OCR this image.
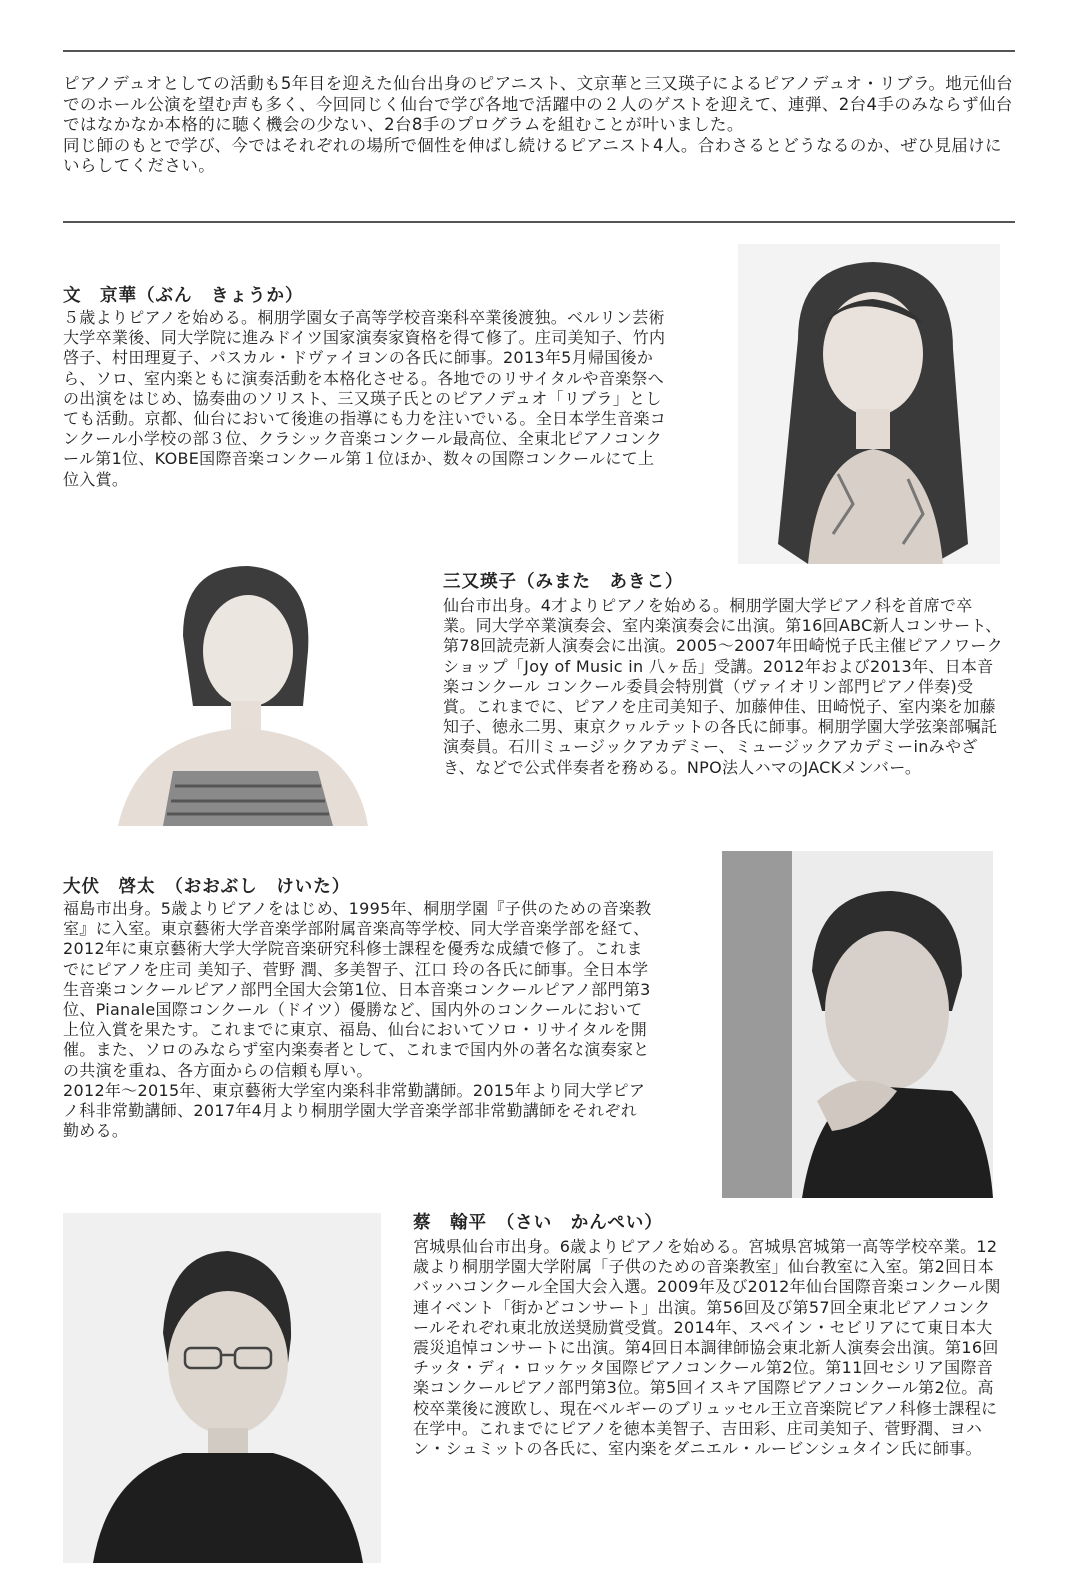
ピアノデュオとしての活動も5年目を迎えた仙台出身のピアニスト、文京華と三又瑛子によるピアノデュオ・リブラ。地元仙台でのホール公演を望む声も多く、今回同じく仙台で学び各地で活躍中の２人のゲストを迎えて、連弾、2台4手のみならず仙台ではなかなか本格的に聴く機会の少ない、2台8手のプログラムを組むことが叶いました。

同じ師のもとで学び、今ではそれぞれの場所で個性を伸ばし続けるピアニスト4人。合わさるとどうなるのか、ぜひ見届けにいらしてください。

文　京華（ぶん　きょうか）
５歳よりピアノを始める。桐朋学園女子高等学校音楽科卒業後渡独。ベルリン芸術大学卒業後、同大学院に進みドイツ国家演奏家資格を得て修了。庄司美知子、竹内啓子、村田理夏子、パスカル・ドヴァイヨンの各氏に師事。2013年5月帰国後から、ソロ、室内楽ともに演奏活動を本格化させる。各地でのリサイタルや音楽祭への出演をはじめ、協奏曲のソリスト、三又瑛子氏とのピアノデュオ「リブラ」としても活動。京都、仙台において後進の指導にも力を注いでいる。全日本学生音楽コンクール小学校の部３位、クラシック音楽コンクール最高位、全東北ピアノコンクール第1位、KOBE国際音楽コンクール第１位ほか、数々の国際コンクールにて上位入賞。
三又瑛子（みまた　あきこ）
仙台市出身。4才よりピアノを始める。桐朋学園大学ピアノ科を首席で卒業。同大学卒業演奏会、室内楽演奏会に出演。第16回ABC新人コンサート、第78回読売新人演奏会に出演。2005～2007年田崎悦子氏主催ピアノワークショップ「Joy of Music in 八ヶ岳」受講。2012年および2013年、日本音楽コンクール コンクール委員会特別賞（ヴァイオリン部門ピアノ伴奏)受賞。これまでに、ピアノを庄司美知子、加藤伸佳、田崎悦子、室内楽を加藤知子、徳永二男、東京クヮルテットの各氏に師事。桐朋学園大学弦楽部嘱託演奏員。石川ミュージックアカデミー、ミュージックアカデミーinみやざき、などで公式伴奏者を務める。NPO法人ハマのJACKメンバー。
大伏　啓太　（おおぶし　けいた）

福島市出身。5歳よりピアノをはじめ、1995年、桐朋学園『子供のための音楽教室』に入室。東京藝術大学音楽学部附属音楽高等学校、同大学音楽学部を経て、2012年に東京藝術大学大学院音楽研究科修士課程を優秀な成績で修了。これまでにピアノを庄司 美知子、菅野 潤、多美智子、江口 玲の各氏に師事。全日本学生音楽コンクールピアノ部門全国大会第1位、日本音楽コンクールピアノ部門第3位、Pianale国際コンクール（ドイツ）優勝など、国内外のコンクールにおいて上位入賞を果たす。これまでに東京、福島、仙台においてソロ・リサイタルを開催。また、ソロのみならず室内楽奏者として、これまで国内外の著名な演奏家との共演を重ね、各方面からの信頼も厚い。

2012年～2015年、東京藝術大学室内楽科非常勤講師。2015年より同大学ピアノ科非常勤講師、2017年4月より桐朋学園大学音楽学部非常勤講師をそれぞれ勤める。

蔡　翰平　（さい　かんぺい）
宮城県仙台市出身。6歳よりピアノを始める。宮城県宮城第一高等学校卒業。12歳より桐朋学園大学附属「子供のための音楽教室」仙台教室に入室。第2回日本バッハコンクール全国大会入選。2009年及び2012年仙台国際音楽コンクール関連イベント「街かどコンサート」出演。第56回及び第57回全東北ピアノコンクールそれぞれ東北放送奨励賞受賞。2014年、スペイン・セビリアにて東日本大震災追悼コンサートに出演。第4回日本調律師協会東北新人演奏会出演。第16回チッタ・ディ・ロッケッタ国際ピアノコンクール第2位。第11回セシリア国際音楽コンクールピアノ部門第3位。第5回イスキア国際ピアノコンクール第2位。高校卒業後に渡欧し、現在ベルギーのブリュッセル王立音楽院ピアノ科修士課程に在学中。これまでにピアノを徳本美智子、吉田彩、庄司美知子、菅野潤、ヨハン・シュミットの各氏に、室内楽をダニエル・ルービンシュタイン氏に師事。
